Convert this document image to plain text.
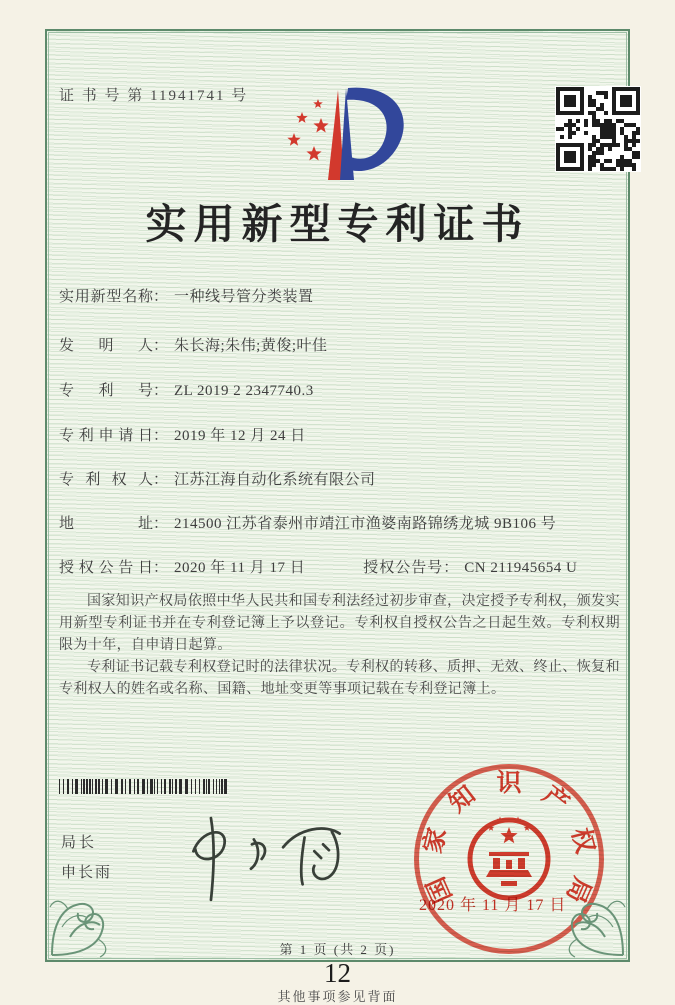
证 书 号 第 11941741 号
实用新型专利证书
实用新型名称 ： 一种线号管分类装置
发明人 ： 朱长海;朱伟;黄俊;叶佳
专利号 ： ZL 2019 2 2347740.3
专利申请日 ： 2019 年 12 月 24 日
专利权人 ： 江苏江海自动化系统有限公司
地址 ： 214500 江苏省泰州市靖江市渔婆南路锦绣龙城 9B106 号
授权公告日 ： 2020 年 11 月 17 日	授权公告号 ： CN 211945654 U

国家知识产权局依照中华人民共和国专利法经过初步审查，决定授予专利权，颁发实用新型专利证书并在专利登记簿上予以登记。专利权自授权公告之日起生效。专利权期限为十年，自申请日起算。

专利证书记载专利权登记时的法律状况。专利权的转移、质押、无效、终止、恢复和专利权人的姓名或名称、国籍、地址变更等事项记载在专利登记簿上。

局长
申长雨	国
家
知 识 产
权
局
2020 年 11 月 17 日
第 1 页 (共 2 页)
12
其他事项参见背面
